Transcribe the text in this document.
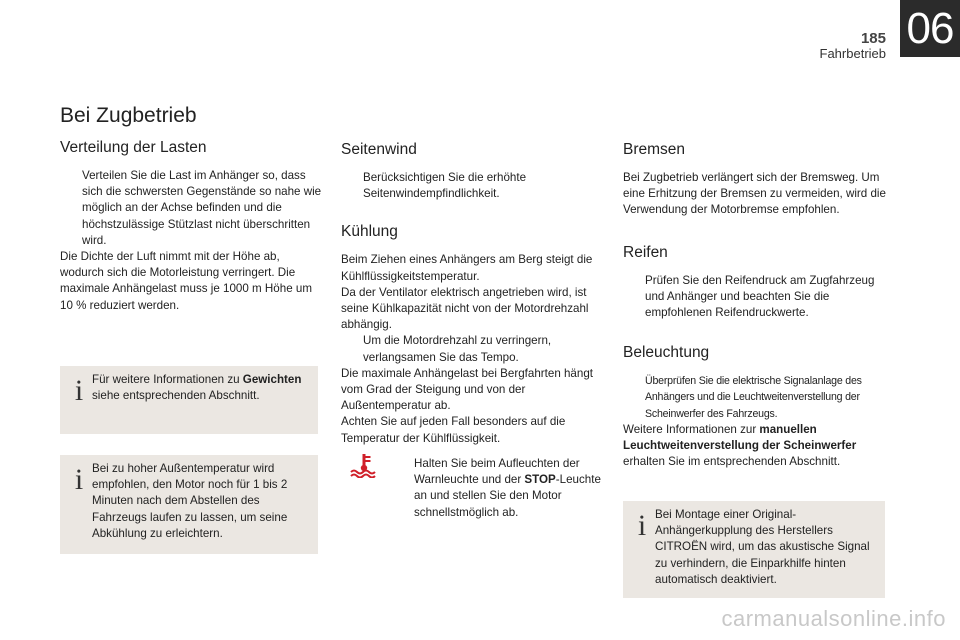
185
Fahrbetrieb
06
Bei Zugbetrieb
Verteilung der Lasten

Verteilen Sie die Last im Anhänger so, dass sich die schwersten Gegenstände so nahe wie möglich an der Achse befinden und die höchstzulässige Stützlast nicht überschritten wird.

Die Dichte der Luft nimmt mit der Höhe ab, wodurch sich die Motorleistung verringert. Die maximale Anhängelast muss je 1000 m Höhe um 10 % reduziert werden.

i Für weitere Informationen zu Gewichten siehe entsprechenden Abschnitt.
i Bei zu hoher Außentemperatur wird empfohlen, den Motor noch für 1 bis 2 Minuten nach dem Abstellen des Fahrzeugs laufen zu lassen, um seine Abkühlung zu erleichtern.
Seitenwind

Berücksichtigen Sie die erhöhte Seitenwindempfindlichkeit.

Kühlung

Beim Ziehen eines Anhängers am Berg steigt die Kühlflüssigkeitstemperatur.

Da der Ventilator elektrisch angetrieben wird, ist seine Kühlkapazität nicht von der Motordrehzahl abhängig.

Um die Motordrehzahl zu verringern, verlangsamen Sie das Tempo.

Die maximale Anhängelast bei Bergfahrten hängt vom Grad der Steigung und von der Außentemperatur ab.

Achten Sie auf jeden Fall besonders auf die Temperatur der Kühlflüssigkeit.

Halten Sie beim Aufleuchten der Warnleuchte und der STOP-Leuchte an und stellen Sie den Motor schnellstmöglich ab.

Bremsen

Bei Zugbetrieb verlängert sich der Bremsweg. Um eine Erhitzung der Bremsen zu vermeiden, wird die Verwendung der Motorbremse empfohlen.

Reifen

Prüfen Sie den Reifendruck am Zugfahrzeug und Anhänger und beachten Sie die empfohlenen Reifendruckwerte.

Beleuchtung

Überprüfen Sie die elektrische Signalanlage des Anhängers und die Leuchtweitenverstellung der Scheinwerfer des Fahrzeugs.

Weitere Informationen zur manuellen Leuchtweitenverstellung der Scheinwerfer erhalten Sie im entsprechenden Abschnitt.

i Bei Montage einer Original-Anhängerkupplung des Herstellers CITROËN wird, um das akustische Signal zu verhindern, die Einparkhilfe hinten automatisch deaktiviert.
carmanualsonline.info
